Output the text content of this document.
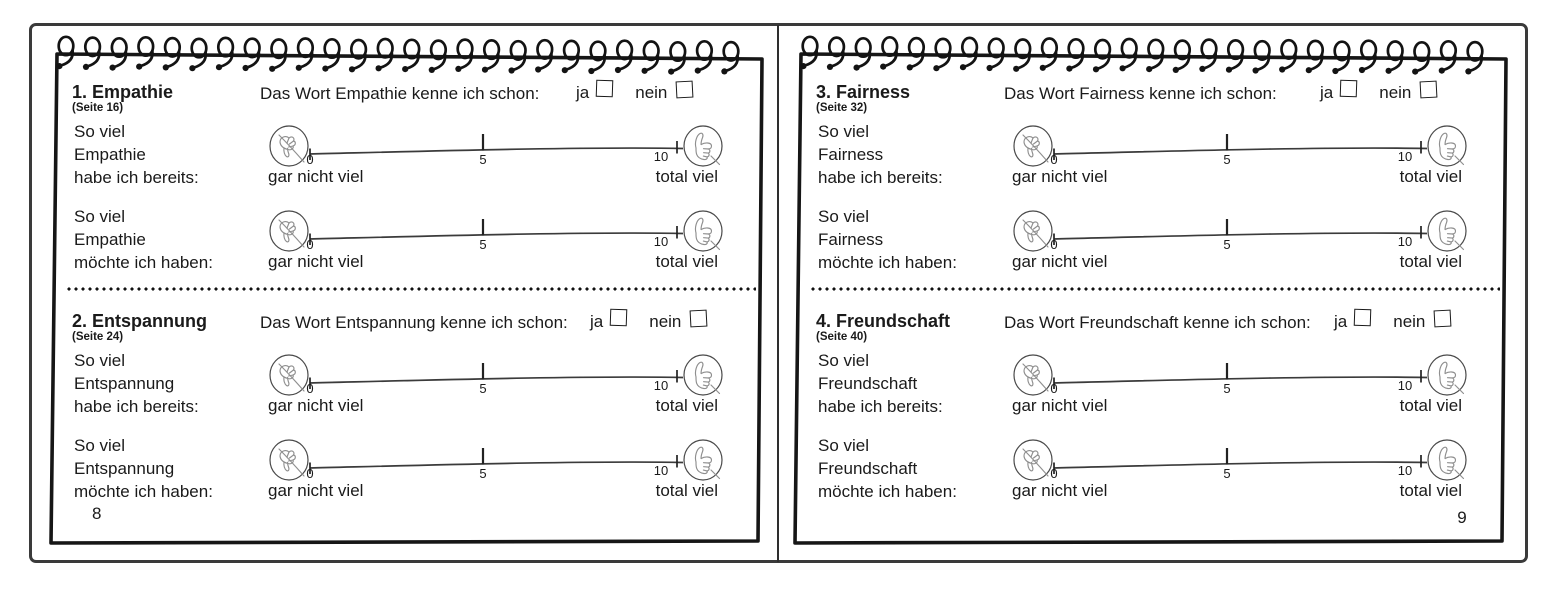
1. Empathie
(Seite 16)
Das Wort Empathie kenne ich schon: ja	nein
So viel
Empathie
habe ich bereits:
0	5	10
gar nicht viel	total viel
So viel
Empathie
möchte ich haben:
0	5	10
gar nicht viel	total viel
2. Entspannung
(Seite 24)
Das Wort Entspannung kenne ich schon: ja	nein
So viel
Entspannung
habe ich bereits:
0	5	10
gar nicht viel	total viel
So viel
Entspannung
möchte ich haben:
0	5	10
gar nicht viel	total viel
8
3. Fairness
(Seite 32)
Das Wort Fairness kenne ich schon:	ja	nein
So viel
Fairness
habe ich bereits:
0	5	10
gar nicht viel	total viel
So viel
Fairness
möchte ich haben:
0	5	10
gar nicht viel	total viel
4. Freundschaft
(Seite 40)
Das Wort Freundschaft kenne ich schon: ja	nein
So viel
Freundschaft
habe ich bereits:
0	5	10
gar nicht viel	total viel
So viel
Freundschaft
möchte ich haben:
0	5	10
gar nicht viel	total viel
9
